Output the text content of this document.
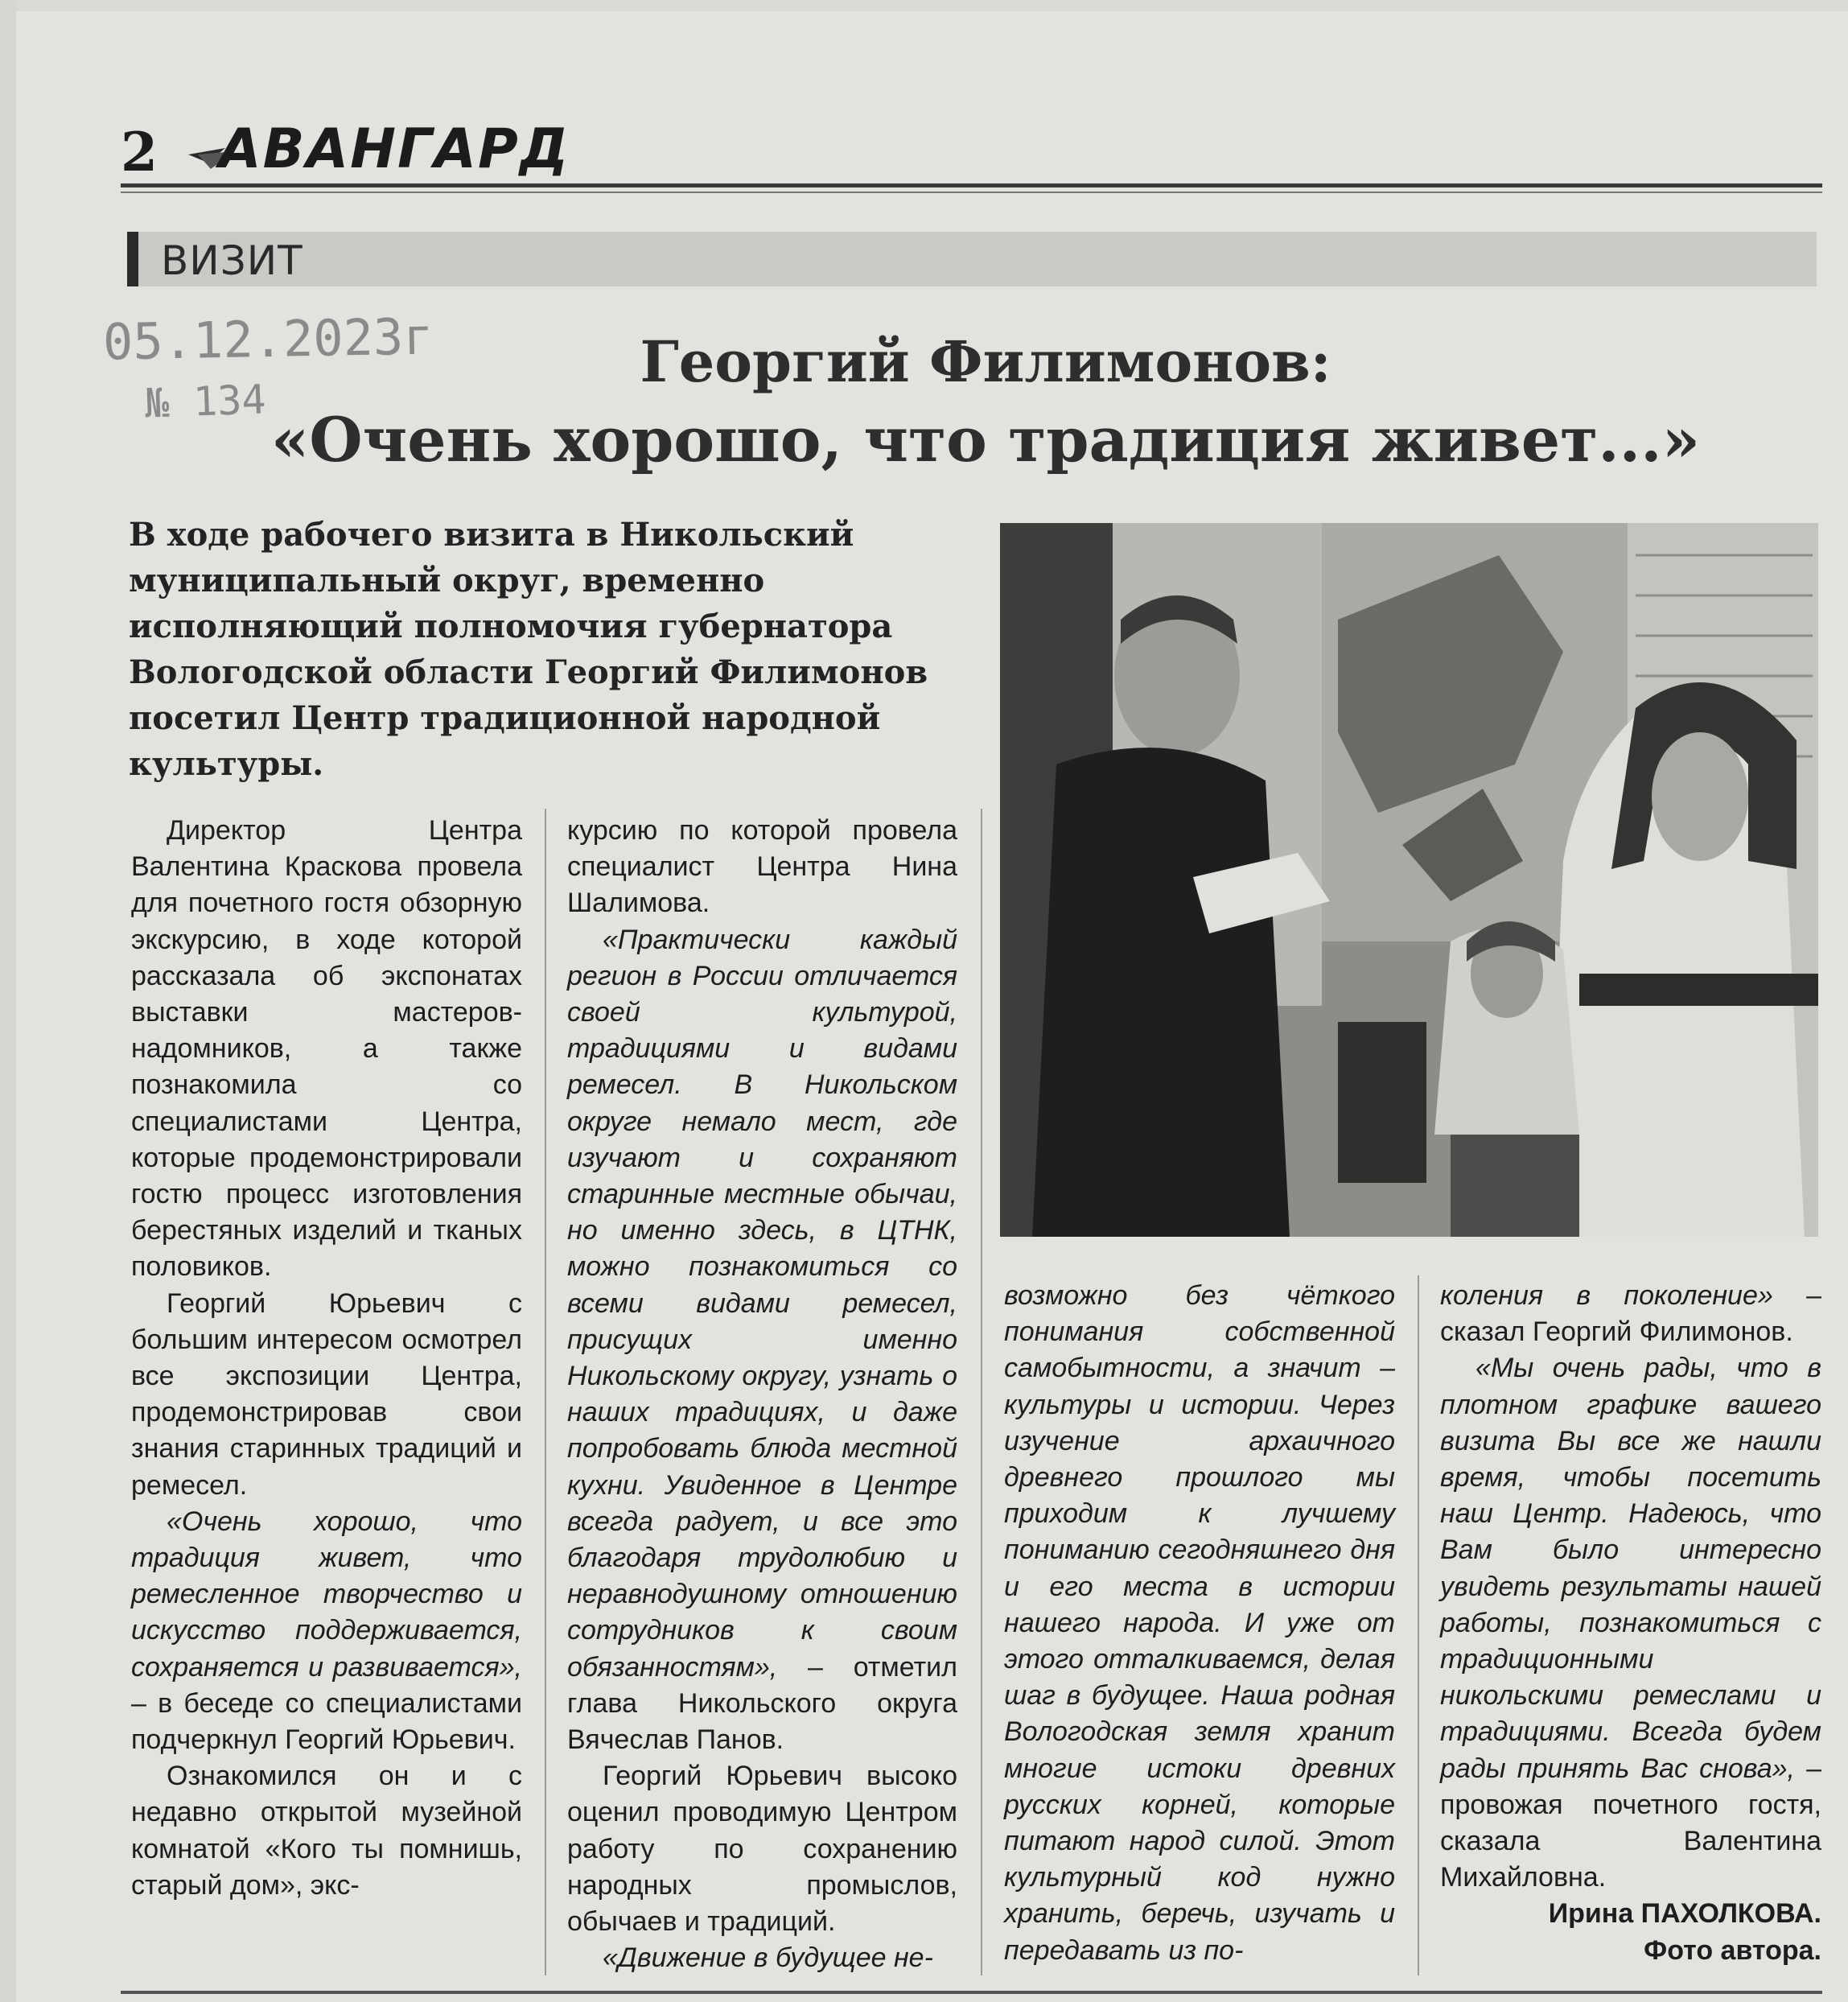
2 АВАНГАРД
ВИЗИТ
05.12.2023г
№ 134
Георгий Филимонов:
«Очень хорошо, что традиция живет...»
В ходе рабочего визита в Никольский муниципальный округ, временно исполняющий полномочия губернатора Вологодской области Георгий Филимонов посетил Центр традиционной народной культуры.

Директор Центра Валентина Краскова провела для почетного гостя обзорную экскурсию, в ходе которой рассказала об экспонатах выставки мастеров-надомников, а также познакомила со специалистами Центра, которые продемонстрировали гостю процесс изготовления берестяных изделий и тканых половиков.

Георгий Юрьевич с большим интересом осмотрел все экспозиции Центра, продемонстрировав свои знания старинных традиций и ремесел.

«Очень хорошо, что традиция живет, что ремесленное творчество и искусство поддерживается, сохраняется и развивается», – в беседе со специалистами подчеркнул Георгий Юрьевич.

Ознакомился он и с недавно открытой музейной комнатой «Кого ты помнишь, старый дом», экс-

курсию по которой провела специалист Центра Нина Шалимова.

«Практически каждый регион в России отличается своей культурой, традициями и видами ремесел. В Никольском округе немало мест, где изучают и сохраняют старинные местные обычаи, но именно здесь, в ЦТНК, можно познакомиться со всеми видами ремесел, присущих именно Никольскому округу, узнать о наших традициях, и даже попробовать блюда местной кухни. Увиденное в Центре всегда радует, и все это благодаря трудолюбию и неравнодушному отношению сотрудников к своим обязанностям», – отметил глава Никольского округа Вячеслав Панов.

Георгий Юрьевич высоко оценил проводимую Центром работу по сохранению народных промыслов, обычаев и традиций.

«Движение в будущее не-

возможно без чёткого понимания собственной самобытности, а значит – культуры и истории. Через изучение архаичного древнего прошлого мы приходим к лучшему пониманию сегодняшнего дня и его места в истории нашего народа. И уже от этого отталкиваемся, делая шаг в будущее. Наша родная Вологодская земля хранит многие истоки древних русских корней, которые питают народ силой. Этот культурный код нужно хранить, беречь, изучать и передавать из по-

коления в поколение» – сказал Георгий Филимонов.

«Мы очень рады, что в плотном графике вашего визита Вы все же нашли время, чтобы посетить наш Центр. Надеюсь, что Вам было интересно увидеть результаты нашей работы, познакомиться с традиционными никольскими ремеслами и традициями. Всегда будем рады принять Вас снова», – провожая почетного гостя, сказала Валентина Михайловна.

Ирина ПАХОЛКОВА.

Фото автора.
